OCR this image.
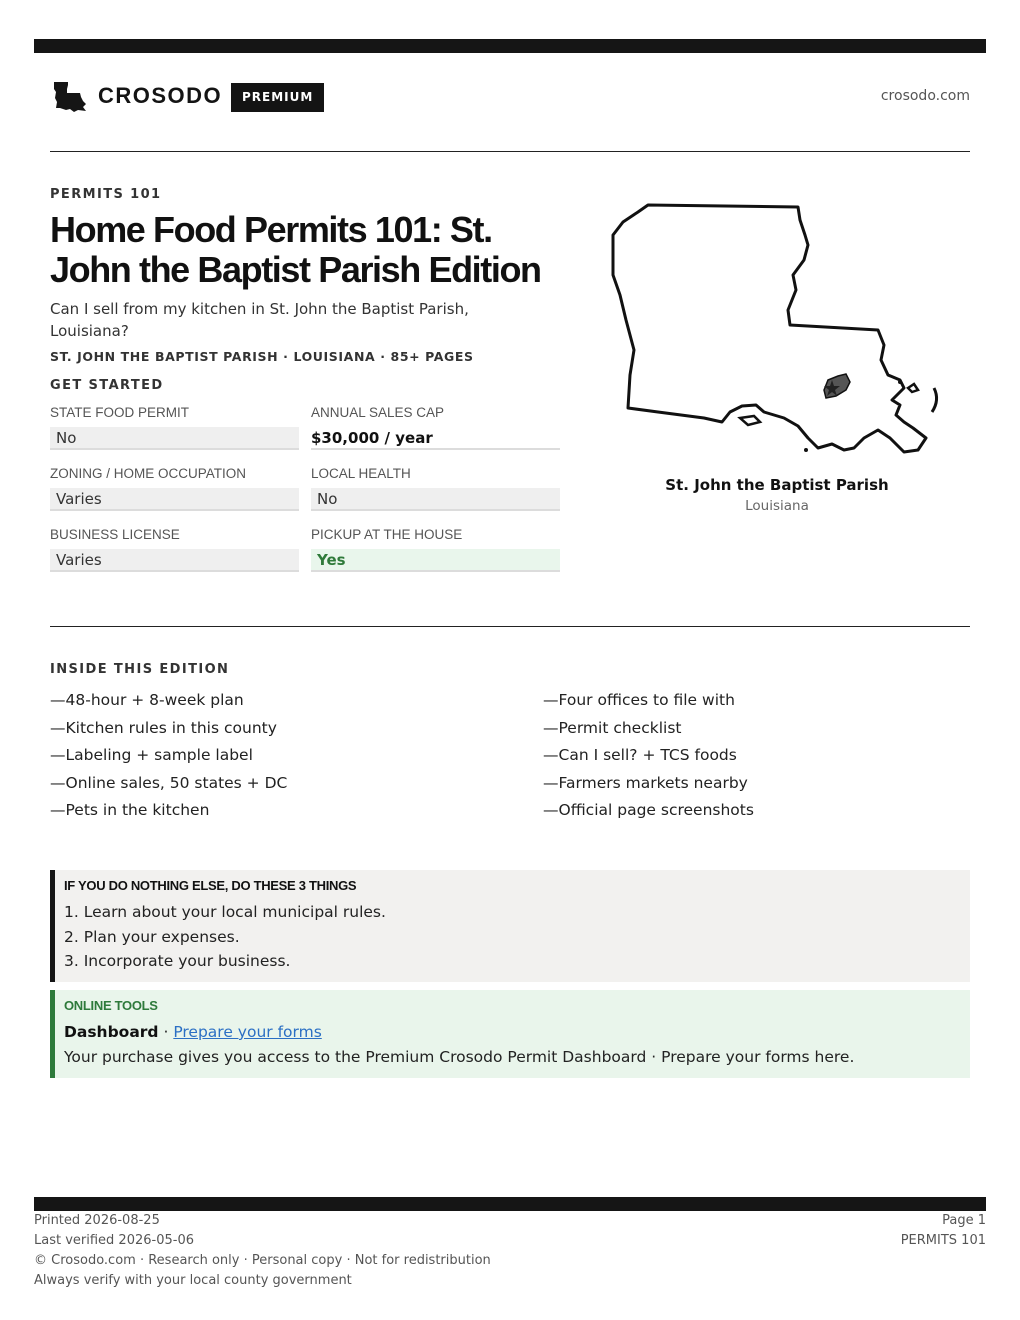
CROSODO	PREMIUM	crosodo.com
PERMITS 101
Home Food Permits 101: St. John the Baptist Parish Edition

Can I sell from my kitchen in St. John the Baptist Parish, Louisiana?

ST. JOHN THE BAPTIST PARISH · LOUISIANA · 85+ PAGES
GET STARTED
STATE FOOD PERMIT
No
ANNUAL SALES CAP
$30,000 / year
ZONING / HOME OCCUPATION
Varies
LOCAL HEALTH
No
BUSINESS LICENSE
Varies
PICKUP AT THE HOUSE
Yes
St. John the Baptist Parish
Louisiana
INSIDE THIS EDITION
—48-hour + 8-week plan
—Kitchen rules in this county
—Labeling + sample label
—Online sales, 50 states + DC
—Pets in the kitchen
—Four offices to file with
—Permit checklist
—Can I sell? + TCS foods
—Farmers markets nearby
—Official page screenshots
IF YOU DO NOTHING ELSE, DO THESE 3 THINGS
1. Learn about your local municipal rules.
2. Plan your expenses.
3. Incorporate your business.
ONLINE TOOLS
Dashboard · Prepare your forms
Your purchase gives you access to the Premium Crosodo Permit Dashboard · Prepare your forms here.
Printed 2026-08-25
Last verified 2026-05-06
© Crosodo.com · Research only · Personal copy · Not for redistribution
Always verify with your local county government
Page 1
PERMITS 101
